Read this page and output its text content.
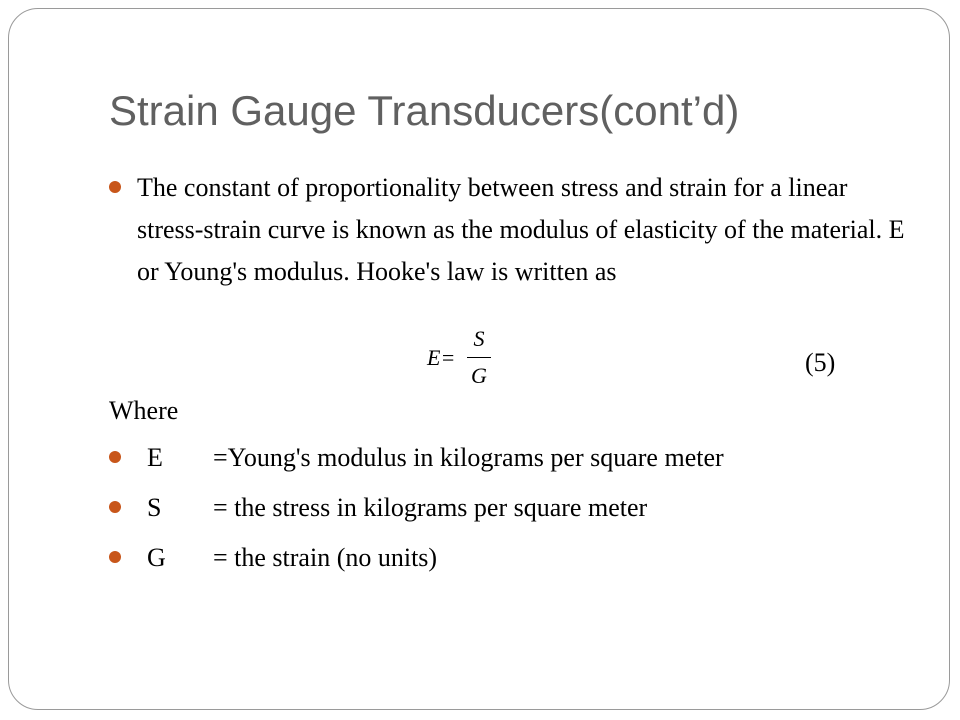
Strain Gauge Transducers(cont’d)
The constant of proportionality between stress and strain for a linear stress-strain curve is known as the modulus of elasticity of the material. E or Young's modulus. Hooke's law is written as
E=
S
G	(5)
Where
E =Young's modulus in kilograms per square meter
S = the stress in kilograms per square meter
G = the strain (no units)
